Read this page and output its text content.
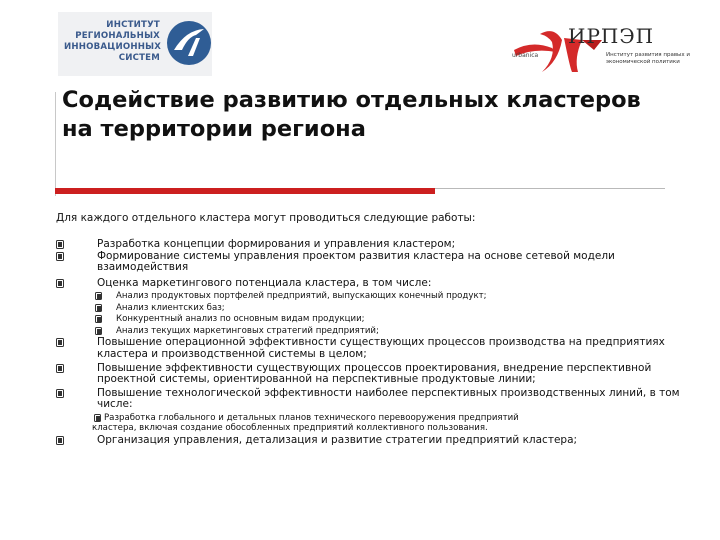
ИНСТИТУТ
РЕГИОНАЛЬНЫХ
ИННОВАЦИОННЫХ
СИСТЕМ
ИРПЭП
urbanica	Институт развития правых и экономической политики
Содействие развитию отдельных кластеров на территории региона
Для каждого отдельного кластера могут проводиться следующие работы:
Разработка концепции формирования и управления кластером;
Формирование системы управления проектом развития кластера на основе сетевой модели взаимодействия
Оценка маркетингового потенциала кластера, в том числе:
Анализ продуктовых портфелей предприятий, выпускающих конечный продукт;
Анализ клиентских баз;
Конкурентный анализ по основным видам продукции;
Анализ текущих маркетинговых стратегий предприятий;
Повышение операционной эффективности существующих процессов производства на предприятиях кластера и производственной системы в целом;
Повышение эффективности существующих процессов проектирования, внедрение перспективной проектной системы, ориентированной на перспективные продуктовые линии;
Повышение технологической эффективности наиболее перспективных производственных линий, в том числе:
Разработка глобального и детальных планов технического перевооружения предприятий
кластера, включая создание обособленных предприятий коллективного пользования.
Организация управления, детализация и развитие стратегии предприятий кластера;
